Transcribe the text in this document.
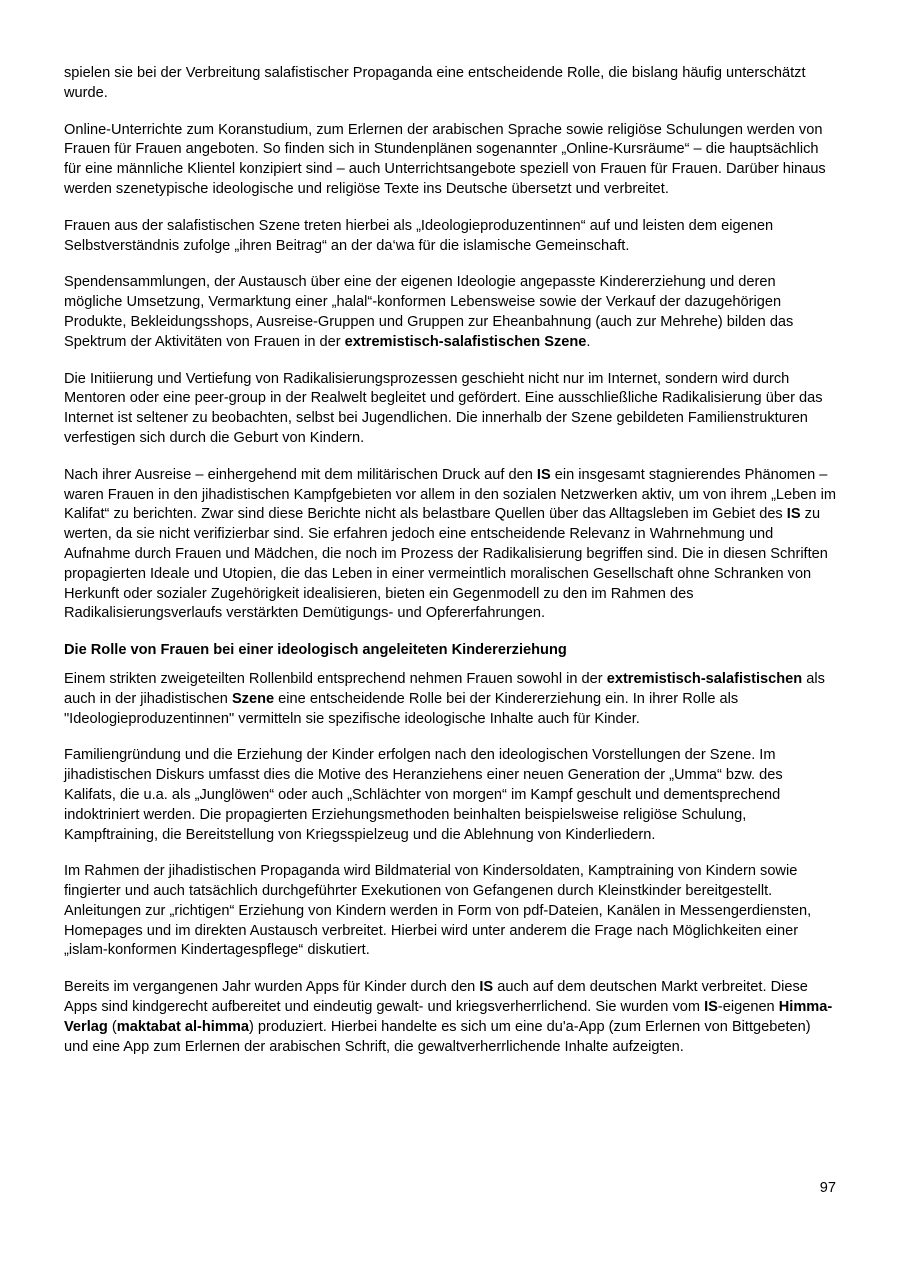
spielen sie bei der Verbreitung salafistischer Propaganda eine entscheidende Rolle, die bislang häufig unterschätzt wurde.

Online-Unterrichte zum Koranstudium, zum Erlernen der arabischen Sprache sowie religiöse Schulungen werden von Frauen für Frauen angeboten. So finden sich in Stundenplänen sogenannter „Online-Kursräume“ – die hauptsächlich für eine männliche Klientel konzipiert sind – auch Unterrichtsangebote speziell von Frauen für Frauen. Darüber hinaus werden szenetypische ideologische und religiöse Texte ins Deutsche übersetzt und verbreitet.

Frauen aus der salafistischen Szene treten hierbei als „Ideologieproduzentinnen“ auf und leisten dem eigenen Selbstverständnis zufolge „ihren Beitrag“ an der da‘wa für die islamische Gemeinschaft.

Spendensammlungen, der Austausch über eine der eigenen Ideologie angepasste Kindererziehung und deren mögliche Umsetzung, Vermarktung einer „halal“-konformen Lebensweise sowie der Verkauf der dazugehörigen Produkte, Bekleidungsshops, Ausreise-Gruppen und Gruppen zur Eheanbahnung (auch zur Mehrehe) bilden das Spektrum der Aktivitäten von Frauen in der extremistisch-salafistischen Szene.

Die Initiierung und Vertiefung von Radikalisierungsprozessen geschieht nicht nur im Internet, sondern wird durch Mentoren oder eine peer-group in der Realwelt begleitet und gefördert. Eine ausschließliche Radikalisierung über das Internet ist seltener zu beobachten, selbst bei Jugendlichen. Die innerhalb der Szene gebildeten Familienstrukturen verfestigen sich durch die Geburt von Kindern.

Nach ihrer Ausreise – einhergehend mit dem militärischen Druck auf den IS ein insgesamt stagnierendes Phänomen – waren Frauen in den jihadistischen Kampfgebieten vor allem in den sozialen Netzwerken aktiv, um von ihrem „Leben im Kalifat“ zu berichten. Zwar sind diese Berichte nicht als belastbare Quellen über das Alltagsleben im Gebiet des IS zu werten, da sie nicht verifizierbar sind. Sie erfahren jedoch eine entscheidende Relevanz in Wahrnehmung und Aufnahme durch Frauen und Mädchen, die noch im Prozess der Radikalisierung begriffen sind. Die in diesen Schriften propagierten Ideale und Utopien, die das Leben in einer vermeintlich moralischen Gesellschaft ohne Schranken von Herkunft oder sozialer Zugehörigkeit idealisieren, bieten ein Gegenmodell zu den im Rahmen des Radikalisierungsverlaufs verstärkten Demütigungs- und Opfererfahrungen.

Die Rolle von Frauen bei einer ideologisch angeleiteten Kindererziehung

Einem strikten zweigeteilten Rollenbild entsprechend nehmen Frauen sowohl in der extremistisch-salafistischen als auch in der jihadistischen Szene eine entscheidende Rolle bei der Kindererziehung ein. In ihrer Rolle als "Ideologieproduzentinnen" vermitteln sie spezifische ideologische Inhalte auch für Kinder.

Familiengründung und die Erziehung der Kinder erfolgen nach den ideologischen Vorstellungen der Szene. Im jihadistischen Diskurs umfasst dies die Motive des Heranziehens einer neuen Generation der „Umma“ bzw. des Kalifats, die u.a. als „Junglöwen“ oder auch „Schlächter von morgen“ im Kampf geschult und dementsprechend indoktriniert werden. Die propagierten Erziehungsmethoden beinhalten beispielsweise religiöse Schulung, Kampftraining, die Bereitstellung von Kriegsspielzeug und die Ablehnung von Kinderliedern.

Im Rahmen der jihadistischen Propaganda wird Bildmaterial von Kindersoldaten, Kamptraining von Kindern sowie fingierter und auch tatsächlich durchgeführter Exekutionen von Gefangenen durch Kleinstkinder bereitgestellt. Anleitungen zur „richtigen“ Erziehung von Kindern werden in Form von pdf-Dateien, Kanälen in Messengerdiensten, Homepages und im direkten Austausch verbreitet. Hierbei wird unter anderem die Frage nach Möglichkeiten einer „islam-konformen Kindertagespflege“ diskutiert.

Bereits im vergangenen Jahr wurden Apps für Kinder durch den IS auch auf dem deutschen Markt verbreitet. Diese Apps sind kindgerecht aufbereitet und eindeutig gewalt- und kriegsverherrlichend. Sie wurden vom IS-eigenen Himma-Verlag (maktabat al-himma) produziert. Hierbei handelte es sich um eine du'a-App (zum Erlernen von Bittgebeten) und eine App zum Erlernen der arabischen Schrift, die gewaltverherrlichende Inhalte aufzeigten.

97
